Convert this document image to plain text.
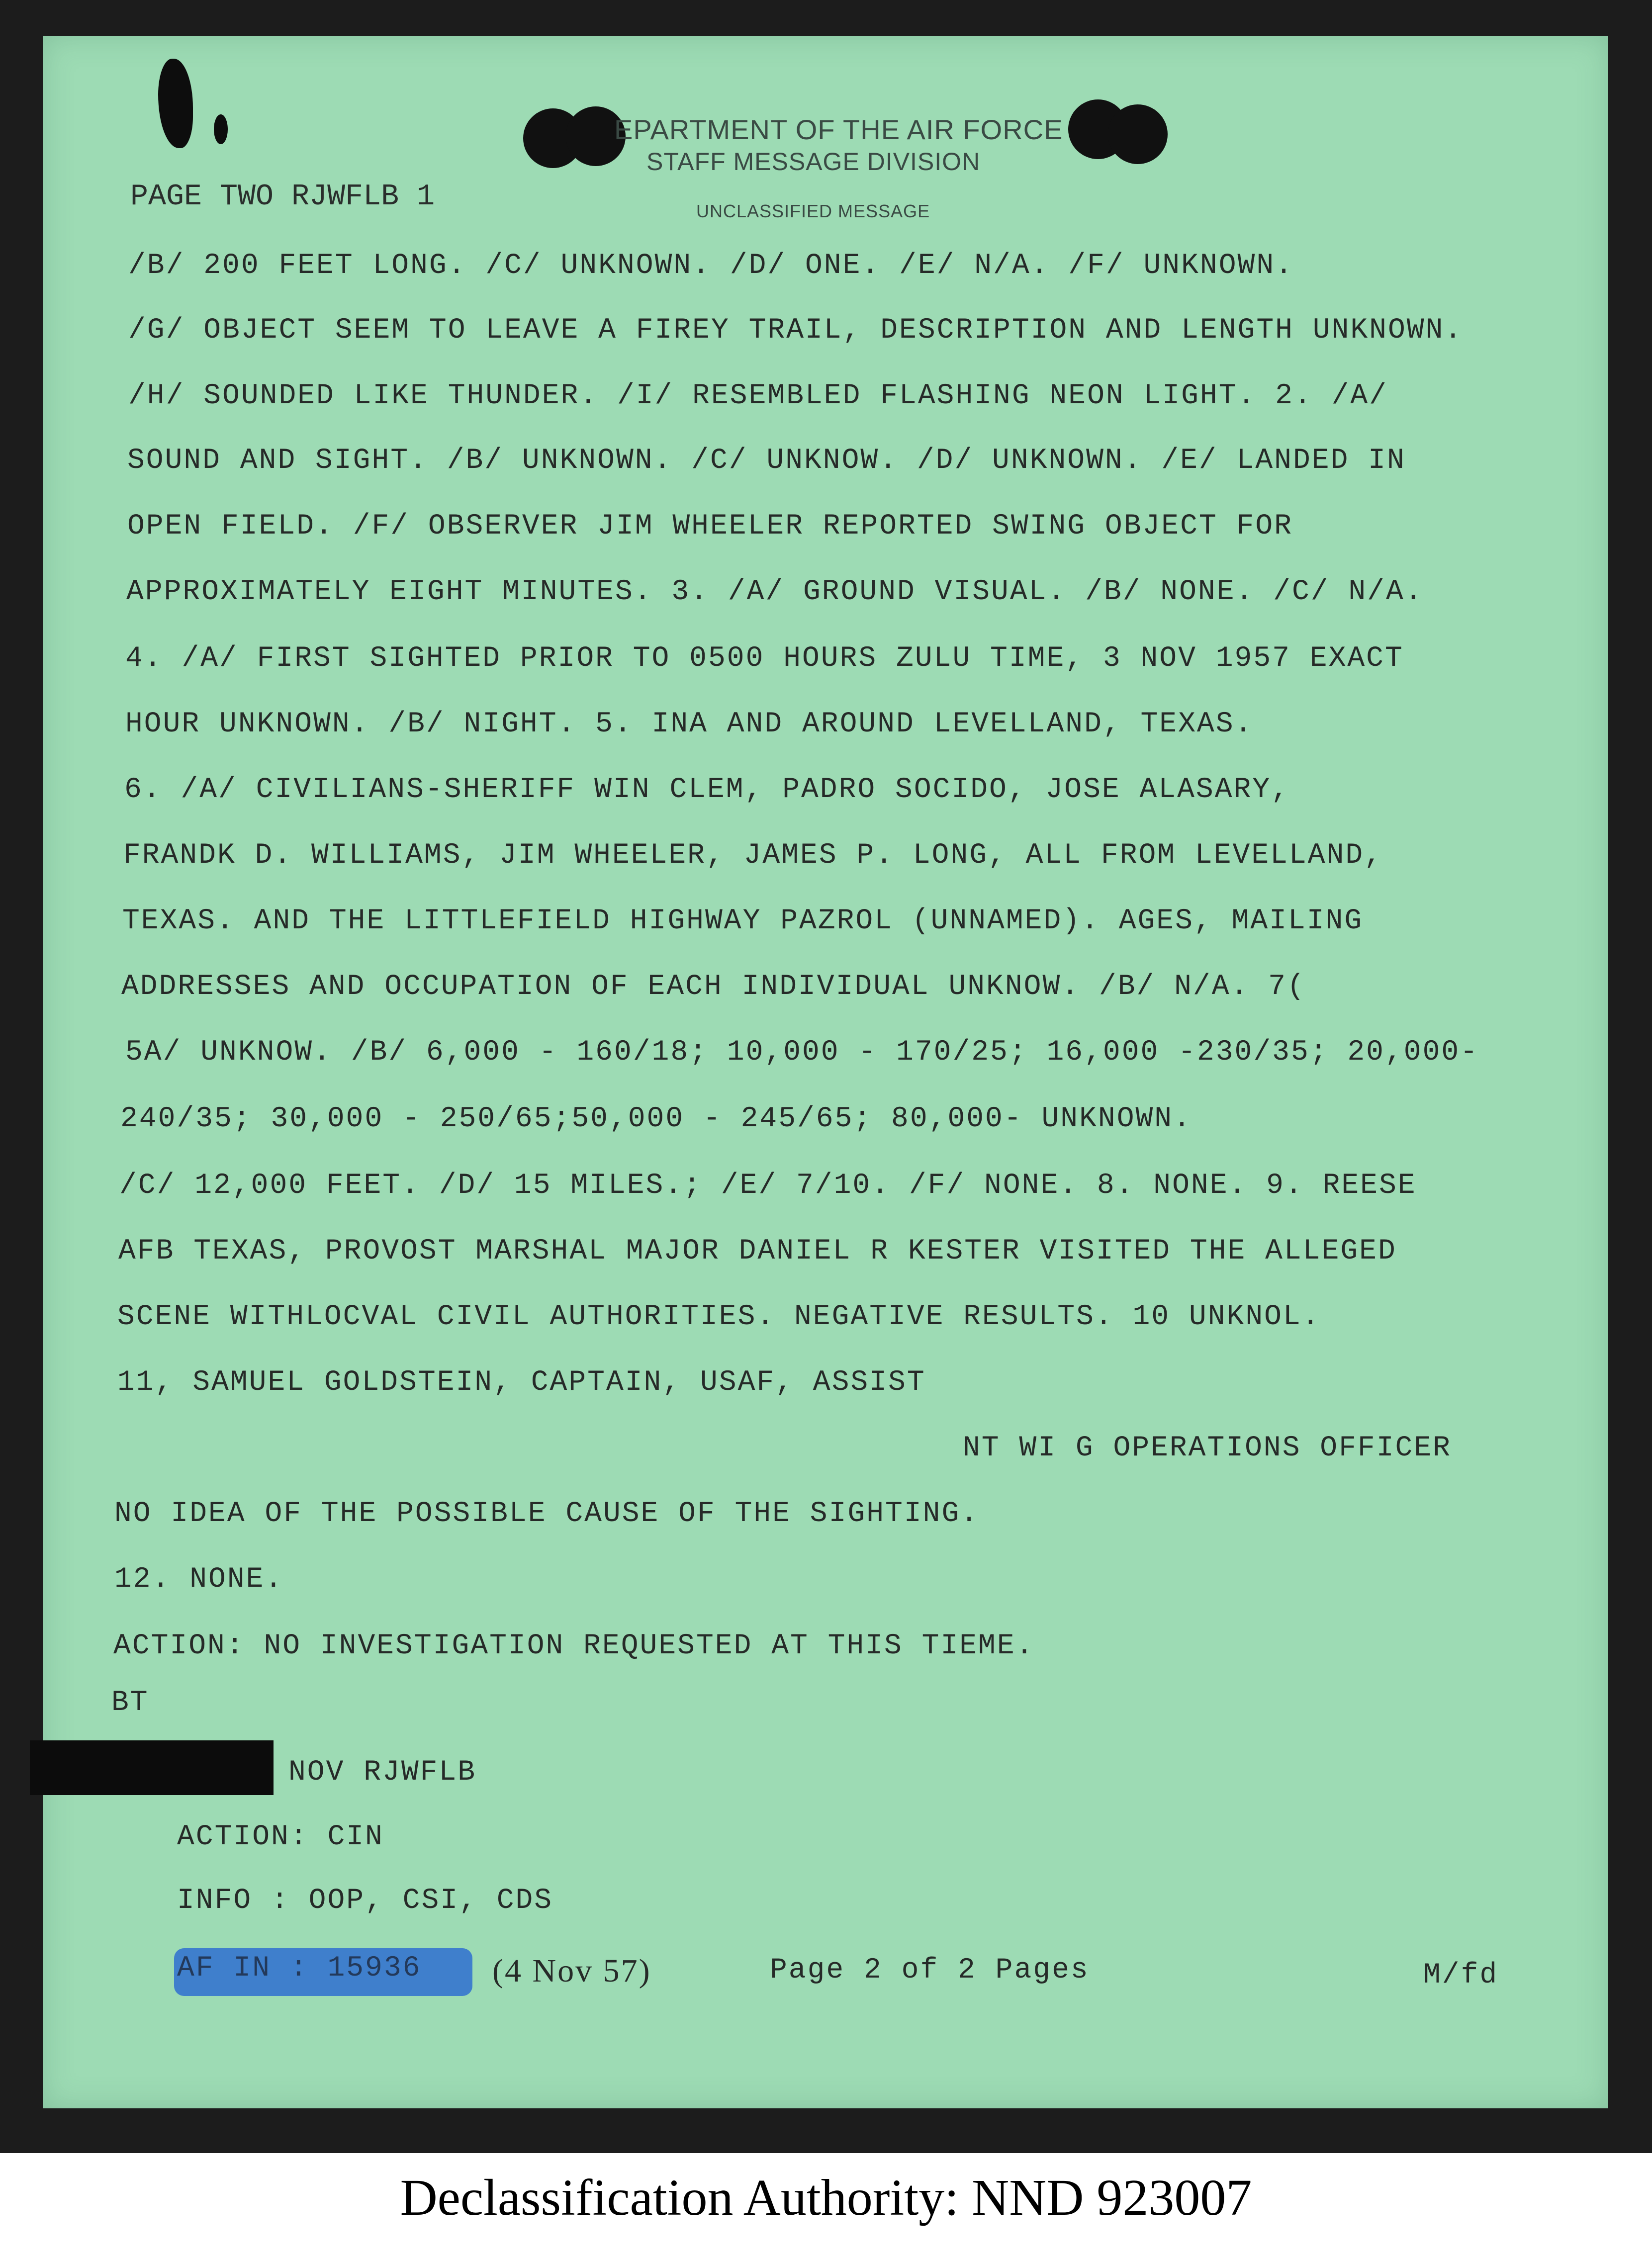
EPARTMENT OF THE AIR FORCE
STAFF MESSAGE DIVISION
UNCLASSIFIED MESSAGE
PAGE TWO RJWFLB 1
/B/ 200 FEET LONG. /C/ UNKNOWN. /D/ ONE. /E/ N/A. /F/ UNKNOWN.
/G/ OBJECT SEEM TO LEAVE A FIREY TRAIL, DESCRIPTION AND LENGTH UNKNOWN.
/H/ SOUNDED LIKE THUNDER. /I/ RESEMBLED FLASHING NEON LIGHT. 2. /A/
SOUND AND SIGHT. /B/ UNKNOWN. /C/ UNKNOW. /D/ UNKNOWN. /E/ LANDED IN
OPEN FIELD. /F/ OBSERVER JIM WHEELER REPORTED SWING OBJECT FOR
APPROXIMATELY EIGHT MINUTES. 3. /A/ GROUND VISUAL. /B/ NONE. /C/ N/A.
4. /A/ FIRST SIGHTED PRIOR TO 0500 HOURS ZULU TIME, 3 NOV 1957 EXACT
HOUR UNKNOWN. /B/ NIGHT. 5. INA AND AROUND LEVELLAND, TEXAS.
6. /A/ CIVILIANS-SHERIFF WIN CLEM, PADRO SOCIDO, JOSE ALASARY,
FRANDK D. WILLIAMS, JIM WHEELER, JAMES P. LONG, ALL FROM LEVELLAND,
TEXAS. AND THE LITTLEFIELD HIGHWAY PAZROL (UNNAMED). AGES, MAILING
ADDRESSES AND OCCUPATION OF EACH INDIVIDUAL UNKNOW. /B/ N/A. 7(
5A/ UNKNOW. /B/ 6,000 - 160/18; 10,000 - 170/25; 16,000 -230/35; 20,000-
240/35; 30,000 - 250/65;50,000 - 245/65; 80,000- UNKNOWN.
/C/ 12,000 FEET. /D/ 15 MILES.; /E/ 7/10. /F/ NONE. 8. NONE. 9. REESE
AFB TEXAS, PROVOST MARSHAL MAJOR DANIEL R KESTER VISITED THE ALLEGED
SCENE WITHLOCVAL CIVIL AUTHORITIES. NEGATIVE RESULTS. 10 UNKNOL.
11, SAMUEL GOLDSTEIN, CAPTAIN, USAF, ASSIST
NT WI G OPERATIONS OFFICER
NO IDEA OF THE POSSIBLE CAUSE OF THE SIGHTING.
12. NONE.
ACTION: NO INVESTIGATION REQUESTED AT THIS TIEME.
BT
NOV RJWFLB
ACTION: CIN
INFO : OOP, CSI, CDS
AF IN : 15936 (4 Nov 57)	Page 2 of 2 Pages	M/fd
Declassification Authority: NND 923007
